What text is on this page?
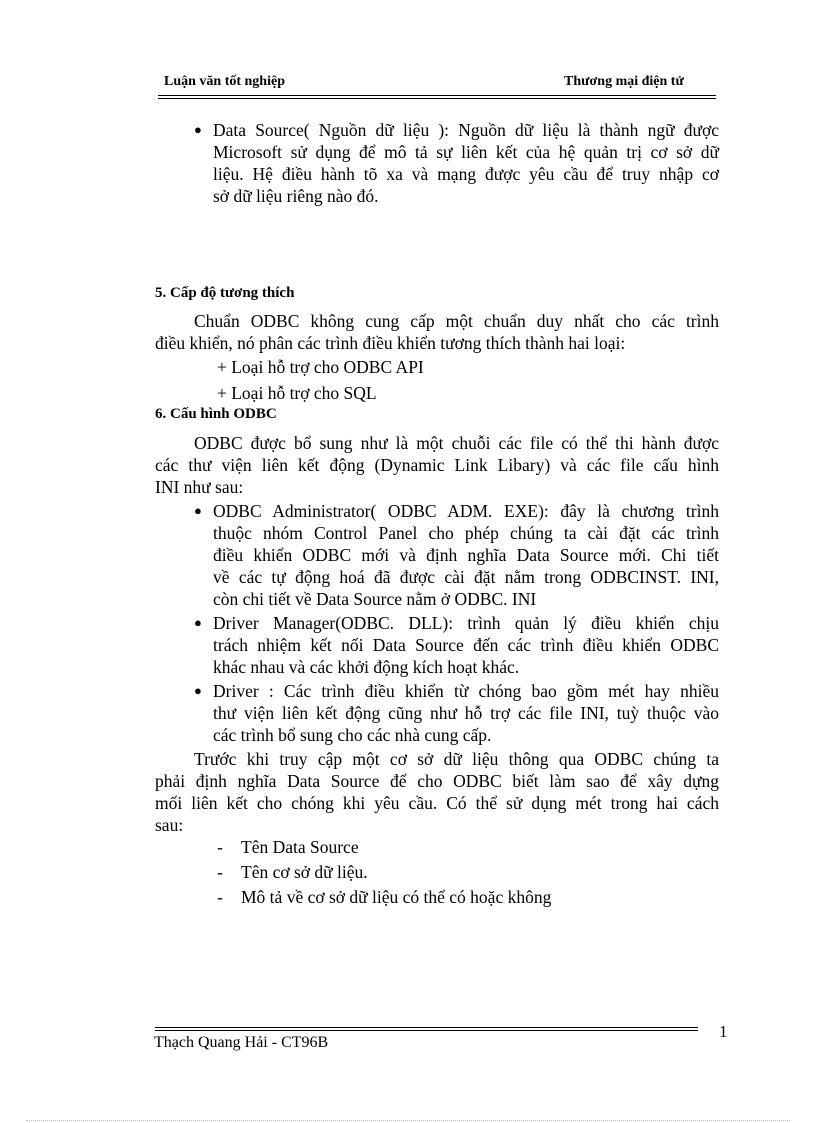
Luận văn tốt nghiệp	Thương mại điện tử
● Data Source( Nguồn dữ liệu ): Nguồn dữ liệu là thành ngữ được
Microsoft sử dụng để mô tả sự liên kết của hệ quản trị cơ sở dữ
liệu. Hệ điều hành tõ xa và mạng được yêu cầu để truy nhập cơ
sở dữ liệu riêng nào đó.
5. Cấp độ tương thích
Chuẩn ODBC không cung cấp một chuẩn duy nhất cho các trình
điều khiển, nó phân các trình điều khiển tương thích thành hai loại:
+ Loại hỗ trợ cho ODBC API
+ Loại hỗ trợ cho SQL
6. Cấu hình ODBC
ODBC được bổ sung như là một chuỗi các file có thể thi hành được
các thư viện liên kết động (Dynamic Link Libary) và các file cấu hình
INI như sau:
● ODBC Administrator( ODBC ADM. EXE): đây là chương trình
thuộc nhóm Control Panel cho phép chúng ta cài đặt các trình
điều khiển ODBC mới và định nghĩa Data Source mới. Chi tiết
về các tự động hoá đã được cài đặt nằm trong ODBCINST. INI,
còn chi tiết về Data Source nằm ở ODBC. INI
● Driver Manager(ODBC. DLL): trình quản lý điều khiển chịu
trách nhiệm kết nối Data Source đến các trình điều khiển ODBC
khác nhau và các khởi động kích hoạt khác.
● Driver : Các trình điều khiển từ chóng bao gồm mét hay nhiều
thư viện liên kết động cũng như hỗ trợ các file INI, tuỳ thuộc vào
các trình bổ sung cho các nhà cung cấp.
Trước khi truy cập một cơ sở dữ liệu thông qua ODBC chúng ta
phải định nghĩa Data Source để cho ODBC biết làm sao để xây dựng
mối liên kết cho chóng khi yêu cầu. Có thể sử dụng mét trong hai cách
sau:
- Tên Data Source
- Tên cơ sở dữ liệu.
- Mô tả về cơ sở dữ liệu có thể có hoặc không
1
Thạch Quang Hải - CT96B
